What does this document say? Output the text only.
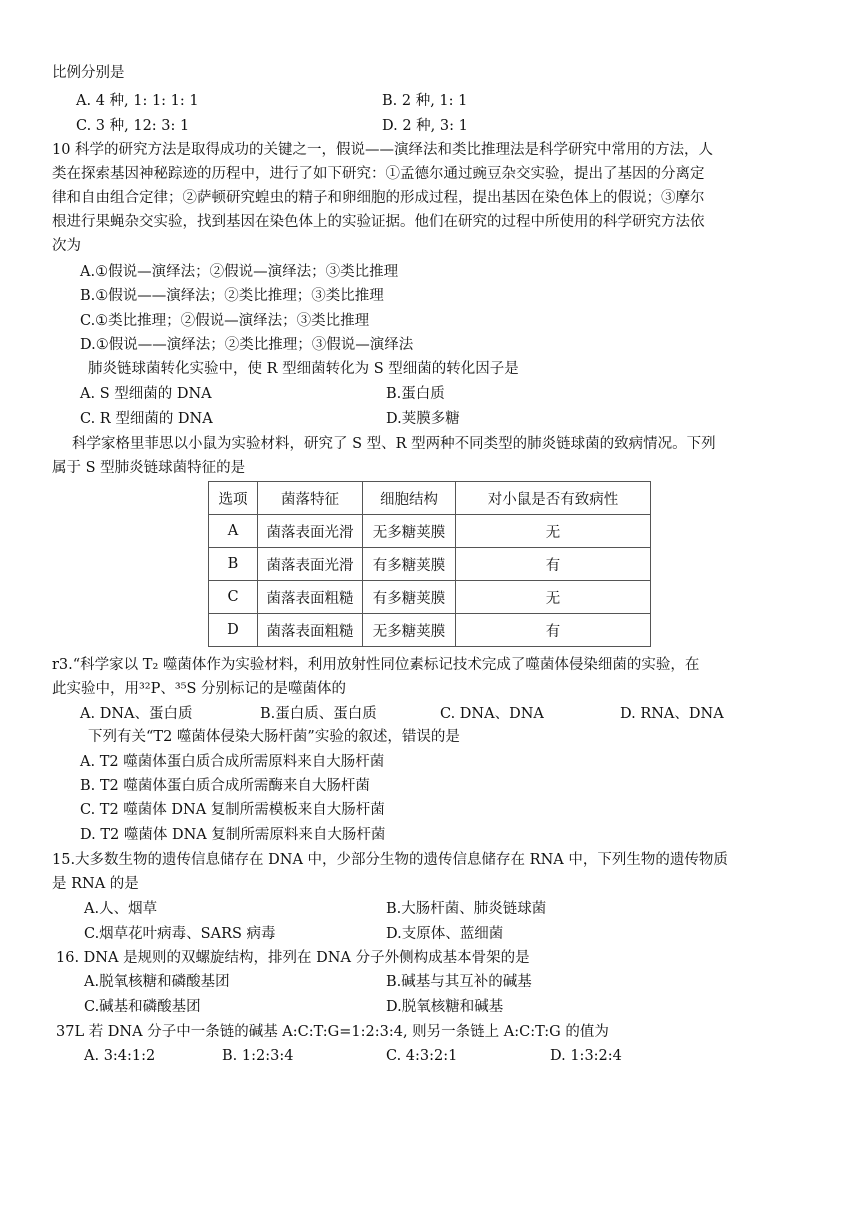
比例分别是
A. 4 种, 1: 1: 1: 1	B. 2 种, 1: 1
C. 3 种, 12: 3: 1	D. 2 种, 3: 1
10 科学的研究方法是取得成功的关键之一，假说——演绎法和类比推理法是科学研究中常用的方法，人
类在探索基因神秘踪迹的历程中，进行了如下研究：①孟德尔通过豌豆杂交实验，提出了基因的分离定
律和自由组合定律；②萨顿研究蝗虫的精子和卵细胞的形成过程，提出基因在染色体上的假说；③摩尔
根进行果蝇杂交实验，找到基因在染色体上的实验证据。他们在研究的过程中所使用的科学研究方法依
次为
A.①假说—演绎法；②假说—演绎法；③类比推理
B.①假说——演绎法；②类比推理；③类比推理
C.①类比推理；②假说—演绎法；③类比推理
D.①假说——演绎法；②类比推理；③假说—演绎法
肺炎链球菌转化实验中，使 R 型细菌转化为 S 型细菌的转化因子是
A. S 型细菌的 DNA	B.蛋白质
C. R 型细菌的 DNA	D.荚膜多糖
科学家格里菲思以小鼠为实验材料，研究了 S 型、R 型两种不同类型的肺炎链球菌的致病情况。下列
属于 S 型肺炎链球菌特征的是
选项	菌落特征	细胞结构	对小鼠是否有致病性
A	菌落表面光滑	无多糖荚膜	无
B	菌落表面光滑	有多糖荚膜	有
C	菌落表面粗糙	有多糖荚膜	无
D	菌落表面粗糙	无多糖荚膜	有
r3.“科学家以 T₂ 噬菌体作为实验材料，利用放射性同位素标记技术完成了噬菌体侵染细菌的实验，在
此实验中，用³²P、³⁵S 分别标记的是噬菌体的
A. DNA、蛋白质	B.蛋白质、蛋白质	C. DNA、DNA	D. RNA、DNA
下列有关“T2 噬菌体侵染大肠杆菌”实验的叙述，错误的是
A. T2 噬菌体蛋白质合成所需原料来自大肠杆菌
B. T2 噬菌体蛋白质合成所需酶来自大肠杆菌
C. T2 噬菌体 DNA 复制所需模板来自大肠杆菌
D. T2 噬菌体 DNA 复制所需原料来自大肠杆菌
15.大多数生物的遗传信息储存在 DNA 中，少部分生物的遗传信息储存在 RNA 中，下列生物的遗传物质
是 RNA 的是
A.人、烟草	B.大肠杆菌、肺炎链球菌
C.烟草花叶病毒、SARS 病毒	D.支原体、蓝细菌
16. DNA 是规则的双螺旋结构，排列在 DNA 分子外侧构成基本骨架的是
A.脱氧核糖和磷酸基团	B.碱基与其互补的碱基
C.碱基和磷酸基团	D.脱氧核糖和碱基
37L 若 DNA 分子中一条链的碱基 A:C:T:G=1:2:3:4, 则另一条链上 A:C:T:G 的值为
A. 3:4:1:2	B. 1:2:3:4	C. 4:3:2:1	D. 1:3:2:4
